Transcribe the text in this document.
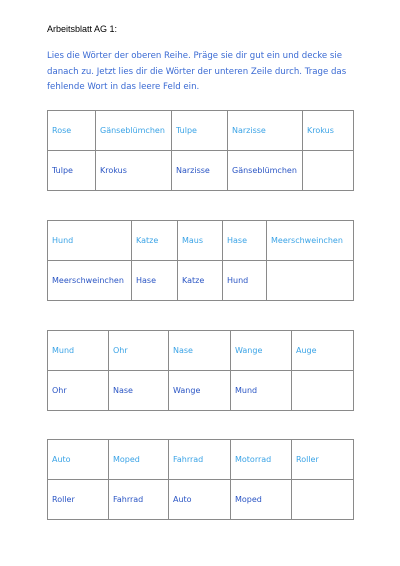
Arbeitsblatt AG 1:
Lies die Wörter der oberen Reihe. Präge sie dir gut ein und decke sie danach zu. Jetzt lies dir die Wörter der unteren Zeile durch. Trage das fehlende Wort in das leere Feld ein.
Rose	Gänseblümchen	Tulpe	Narzisse	Krokus
Tulpe	Krokus	Narzisse	Gänseblümchen	
Hund	Katze	Maus	Hase	Meerschweinchen
Meerschweinchen	Hase	Katze	Hund	
Mund	Ohr	Nase	Wange	Auge
Ohr	Nase	Wange	Mund	
Auto	Moped	Fahrrad	Motorrad	Roller
Roller	Fahrrad	Auto	Moped	
